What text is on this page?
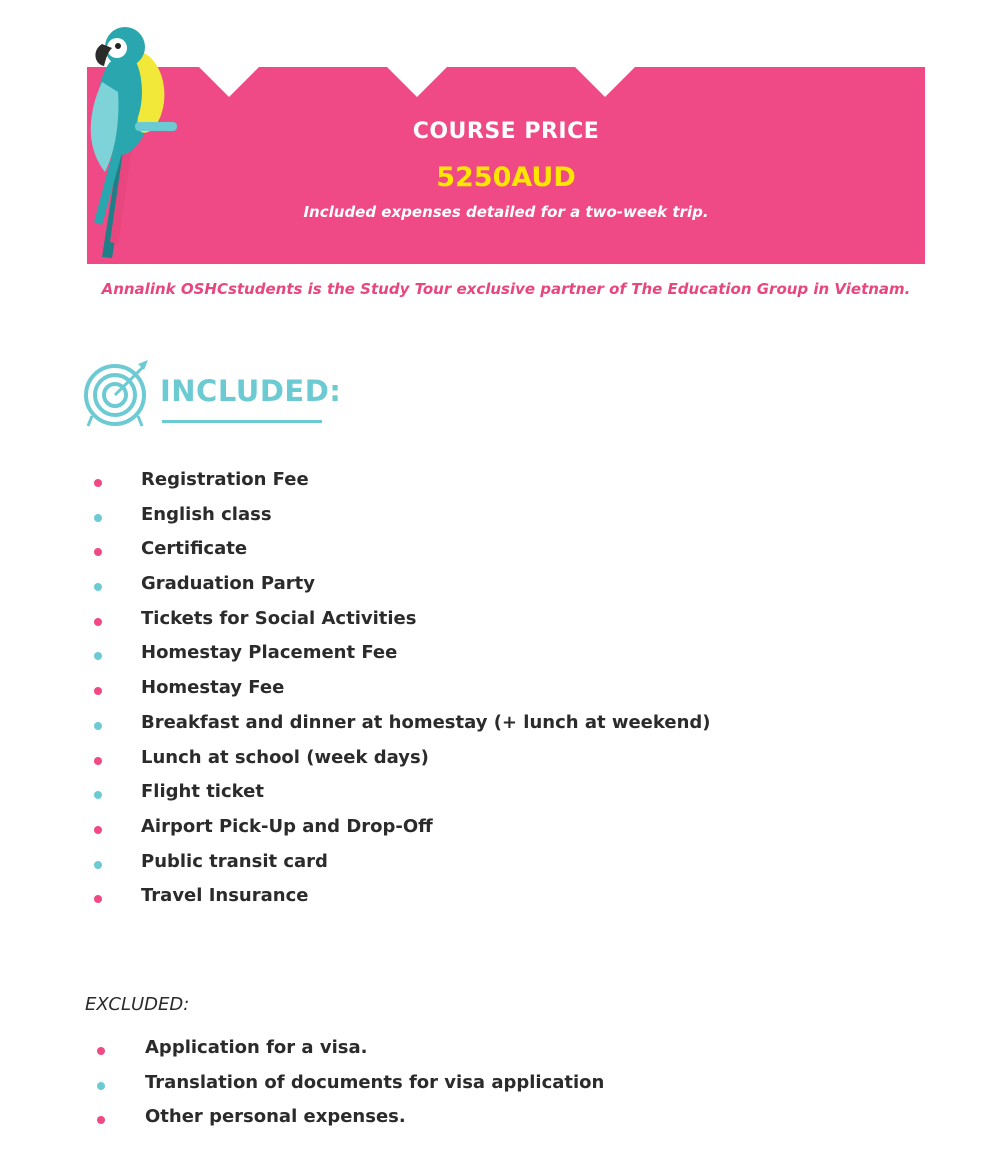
COURSE PRICE
5250AUD
Included expenses detailed for a two-week trip.
Annalink OSHCstudents is the Study Tour exclusive partner of The Education Group in Vietnam.
INCLUDED:
Registration Fee
English class
Certificate
Graduation Party
Tickets for Social Activities
Homestay Placement Fee
Homestay Fee
Breakfast and dinner at homestay (+ lunch at weekend)
Lunch at school (week days)
Flight ticket
Airport Pick-Up and Drop-Off
Public transit card
Travel Insurance
EXCLUDED:
Application for a visa.
Translation of documents for visa application
Other personal expenses.
